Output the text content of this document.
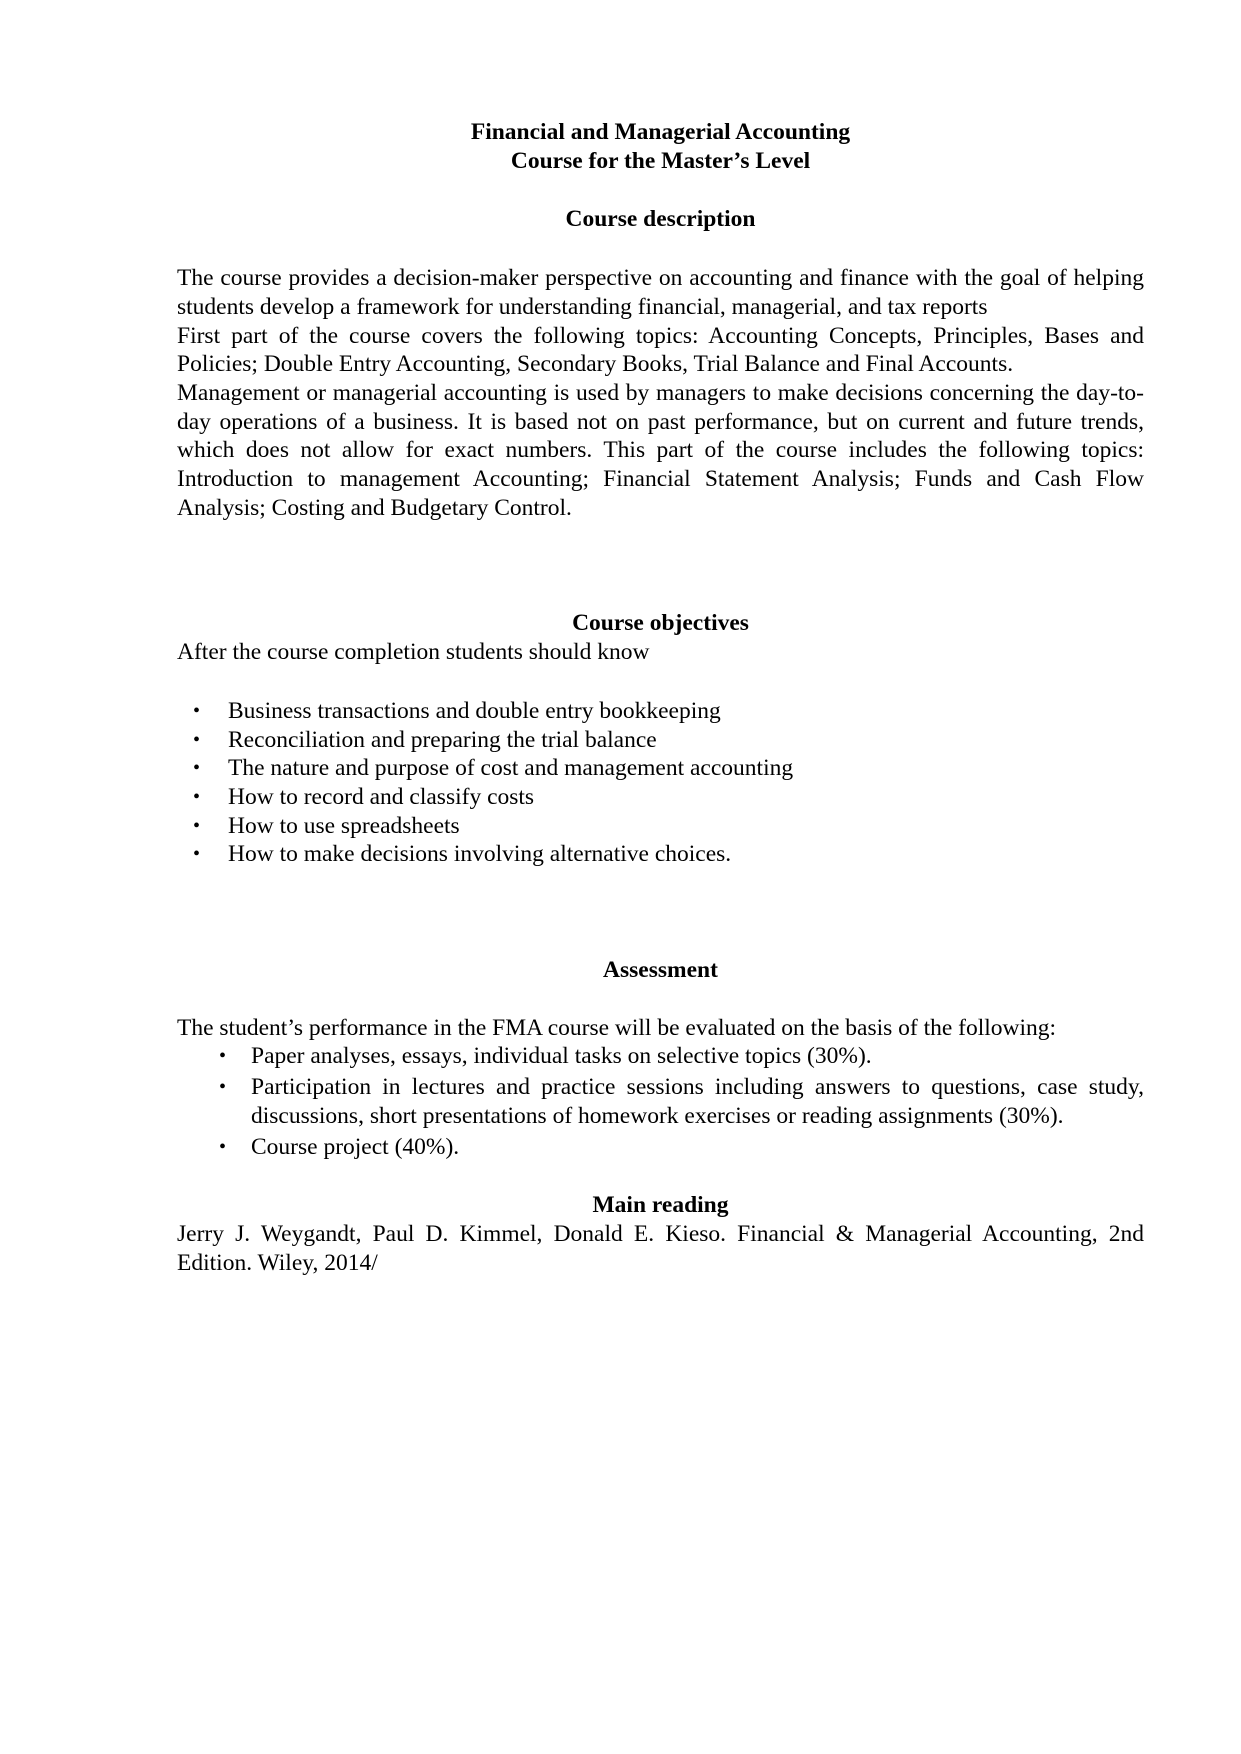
Financial and Managerial Accounting
Course for the Master’s Level
Course description
The course provides a decision-maker perspective on accounting and finance with the goal of helping students develop a framework for understanding financial, managerial, and tax reports
First part of the course covers the following topics: Accounting Concepts, Principles, Bases and Policies; Double Entry Accounting, Secondary Books, Trial Balance and Final Accounts.
Management or managerial accounting is used by managers to make decisions concerning the day-to-day operations of a business. It is based not on past performance, but on current and future trends, which does not allow for exact numbers. This part of the course includes the following topics: Introduction to management Accounting; Financial Statement Analysis; Funds and Cash Flow Analysis; Costing and Budgetary Control.
Course objectives
After the course completion students should know
• Business transactions and double entry bookkeeping
• Reconciliation and preparing the trial balance
• The nature and purpose of cost and management accounting
• How to record and classify costs
• How to use spreadsheets
• How to make decisions involving alternative choices.
Assessment
The student’s performance in the FMA course will be evaluated on the basis of the following:
• Paper analyses, essays, individual tasks on selective topics (30%).
• Participation in lectures and practice sessions including answers to questions, case study, discussions, short presentations of homework exercises or reading assignments (30%).
• Course project (40%).
Main reading
Jerry J. Weygandt, Paul D. Kimmel, Donald E. Kieso. Financial & Managerial Accounting, 2nd Edition. Wiley, 2014/
